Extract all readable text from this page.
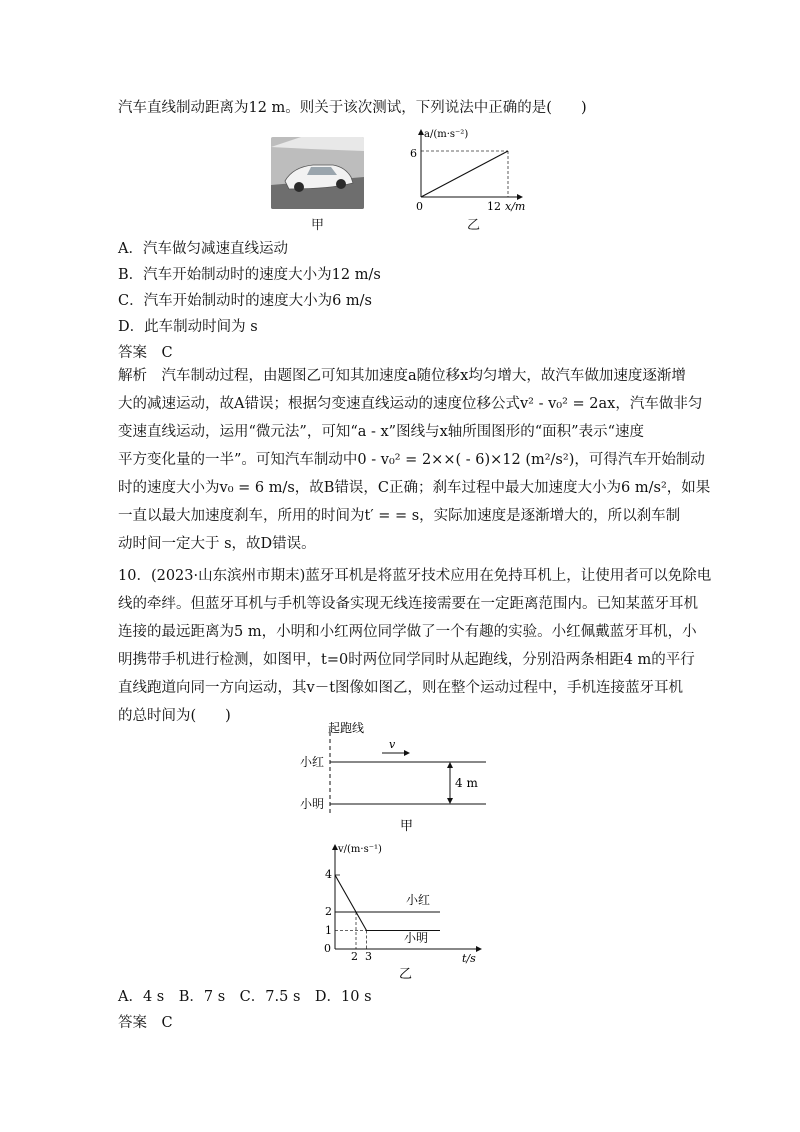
汽车直线制动距离为12 m。则关于该次测试，下列说法中正确的是(　　)
甲
a/(m·s⁻²)
x/m
0	12
6
乙
A．汽车做匀减速直线运动
B．汽车开始制动时的速度大小为12 m/s
C．汽车开始制动时的速度大小为6 m/s
D．此车制动时间为 s
答案　C
解析　汽车制动过程，由题图乙可知其加速度a随位移x均匀增大，故汽车做加速度逐渐增
大的减速运动，故A错误；根据匀变速直线运动的速度位移公式v² - v₀² = 2ax，汽车做非匀
变速直线运动，运用“微元法”，可知“a - x”图线与x轴所围图形的“面积”表示“速度
平方变化量的一半”。可知汽车制动中0 - v₀² = 2××( - 6)×12 (m²/s²)，可得汽车开始制动
时的速度大小为v₀ = 6 m/s，故B错误，C正确；刹车过程中最大加速度大小为6 m/s²，如果
一直以最大加速度刹车，所用的时间为t′ = = s，实际加速度是逐渐增大的，所以刹车制
动时间一定大于 s，故D错误。
10．(2023·山东滨州市期末)蓝牙耳机是将蓝牙技术应用在免持耳机上，让使用者可以免除电
线的牵绊。但蓝牙耳机与手机等设备实现无线连接需要在一定距离范围内。已知某蓝牙耳机
连接的最远距离为5 m，小明和小红两位同学做了一个有趣的实验。小红佩戴蓝牙耳机，小
明携带手机进行检测，如图甲，t=0时两位同学同时从起跑线，分别沿两条相距4 m的平行
直线跑道向同一方向运动，其v－t图像如图乙，则在整个运动过程中，手机连接蓝牙耳机
的总时间为(　　)
起跑线
v
小红
小明
4 m
甲
v/(m·s⁻¹)
t/s
0
1
2
4
2 3
小红
小明
乙
A．4 s　B．7 s　C．7.5 s　D．10 s
答案　C
